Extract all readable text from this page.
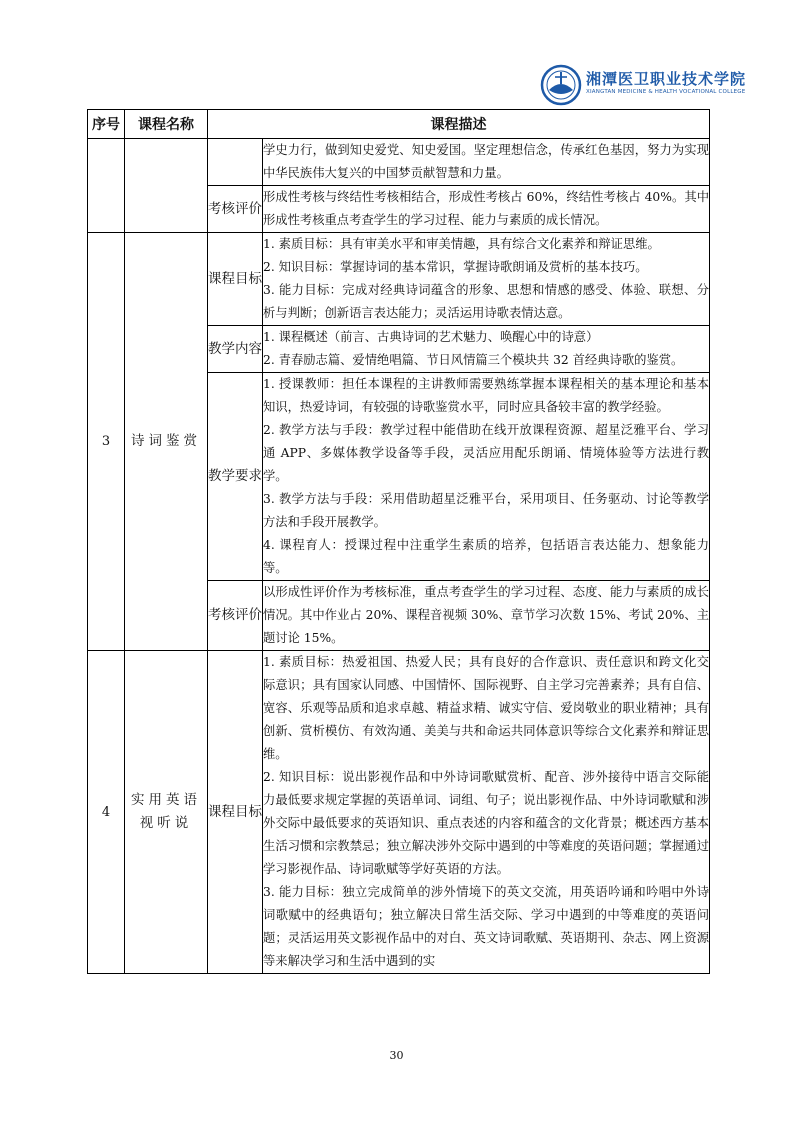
湘潭医卫职业技术学院
XIANGTAN MEDICINE & HEALTH VOCATIONAL COLLEGE
序号	课程名称	课程描述	
			学史力行，做到知史爱党、知史爱国。坚定理想信念，传承红色基因，努力为实现中华民族伟大复兴的中国梦贡献智慧和力量。
		考核评价	形成性考核与终结性考核相结合，形成性考核占 60%，终结性考核占 40%。其中形成性考核重点考查学生的学习过程、能力与素质的成长情况。
3	诗词鉴赏	课程目标	1. 素质目标：具有审美水平和审美情趣，具有综合文化素养和辩证思维。

2. 知识目标：掌握诗词的基本常识，掌握诗歌朗诵及赏析的基本技巧。

3. 能力目标：完成对经典诗词蕴含的形象、思想和情感的感受、体验、联想、分析与判断；创新语言表达能力；灵活运用诗歌表情达意。

		教学内容	1. 课程概述（前言、古典诗词的艺术魅力、唤醒心中的诗意）

2. 青春励志篇、爱情绝唱篇、节日风情篇三个模块共 32 首经典诗歌的鉴赏。

		教学要求	1. 授课教师：担任本课程的主讲教师需要熟练掌握本课程相关的基本理论和基本知识，热爱诗词，有较强的诗歌鉴赏水平，同时应具备较丰富的教学经验。

2. 教学方法与手段：教学过程中能借助在线开放课程资源、超星泛雅平台、学习通 APP、多媒体教学设备等手段，灵活应用配乐朗诵、情境体验等方法进行教学。

3. 教学方法与手段：采用借助超星泛雅平台，采用项目、任务驱动、讨论等教学方法和手段开展教学。

4. 课程育人：授课过程中注重学生素质的培养，包括语言表达能力、想象能力等。

		考核评价	以形成性评价作为考核标准，重点考查学生的学习过程、态度、能力与素质的成长情况。其中作业占 20%、课程音视频 30%、章节学习次数 15%、考试 20%、主题讨论 15%。
4	实用英语视听说	课程目标	1. 素质目标：热爱祖国、热爱人民；具有良好的合作意识、责任意识和跨文化交际意识；具有国家认同感、中国情怀、国际视野、自主学习完善素养；具有自信、宽容、乐观等品质和追求卓越、精益求精、诚实守信、爱岗敬业的职业精神；具有创新、赏析模仿、有效沟通、美美与共和命运共同体意识等综合文化素养和辩证思维。

2. 知识目标：说出影视作品和中外诗词歌赋赏析、配音、涉外接待中语言交际能力最低要求规定掌握的英语单词、词组、句子；说出影视作品、中外诗词歌赋和涉外交际中最低要求的英语知识、重点表述的内容和蕴含的文化背景；概述西方基本生活习惯和宗教禁忌；独立解决涉外交际中遇到的中等难度的英语问题；掌握通过学习影视作品、诗词歌赋等学好英语的方法。

3. 能力目标：独立完成简单的涉外情境下的英文交流，用英语吟诵和吟唱中外诗词歌赋中的经典语句；独立解决日常生活交际、学习中遇到的中等难度的英语问题；灵活运用英文影视作品中的对白、英文诗词歌赋、英语期刊、杂志、网上资源等来解决学习和生活中遇到的实

30
